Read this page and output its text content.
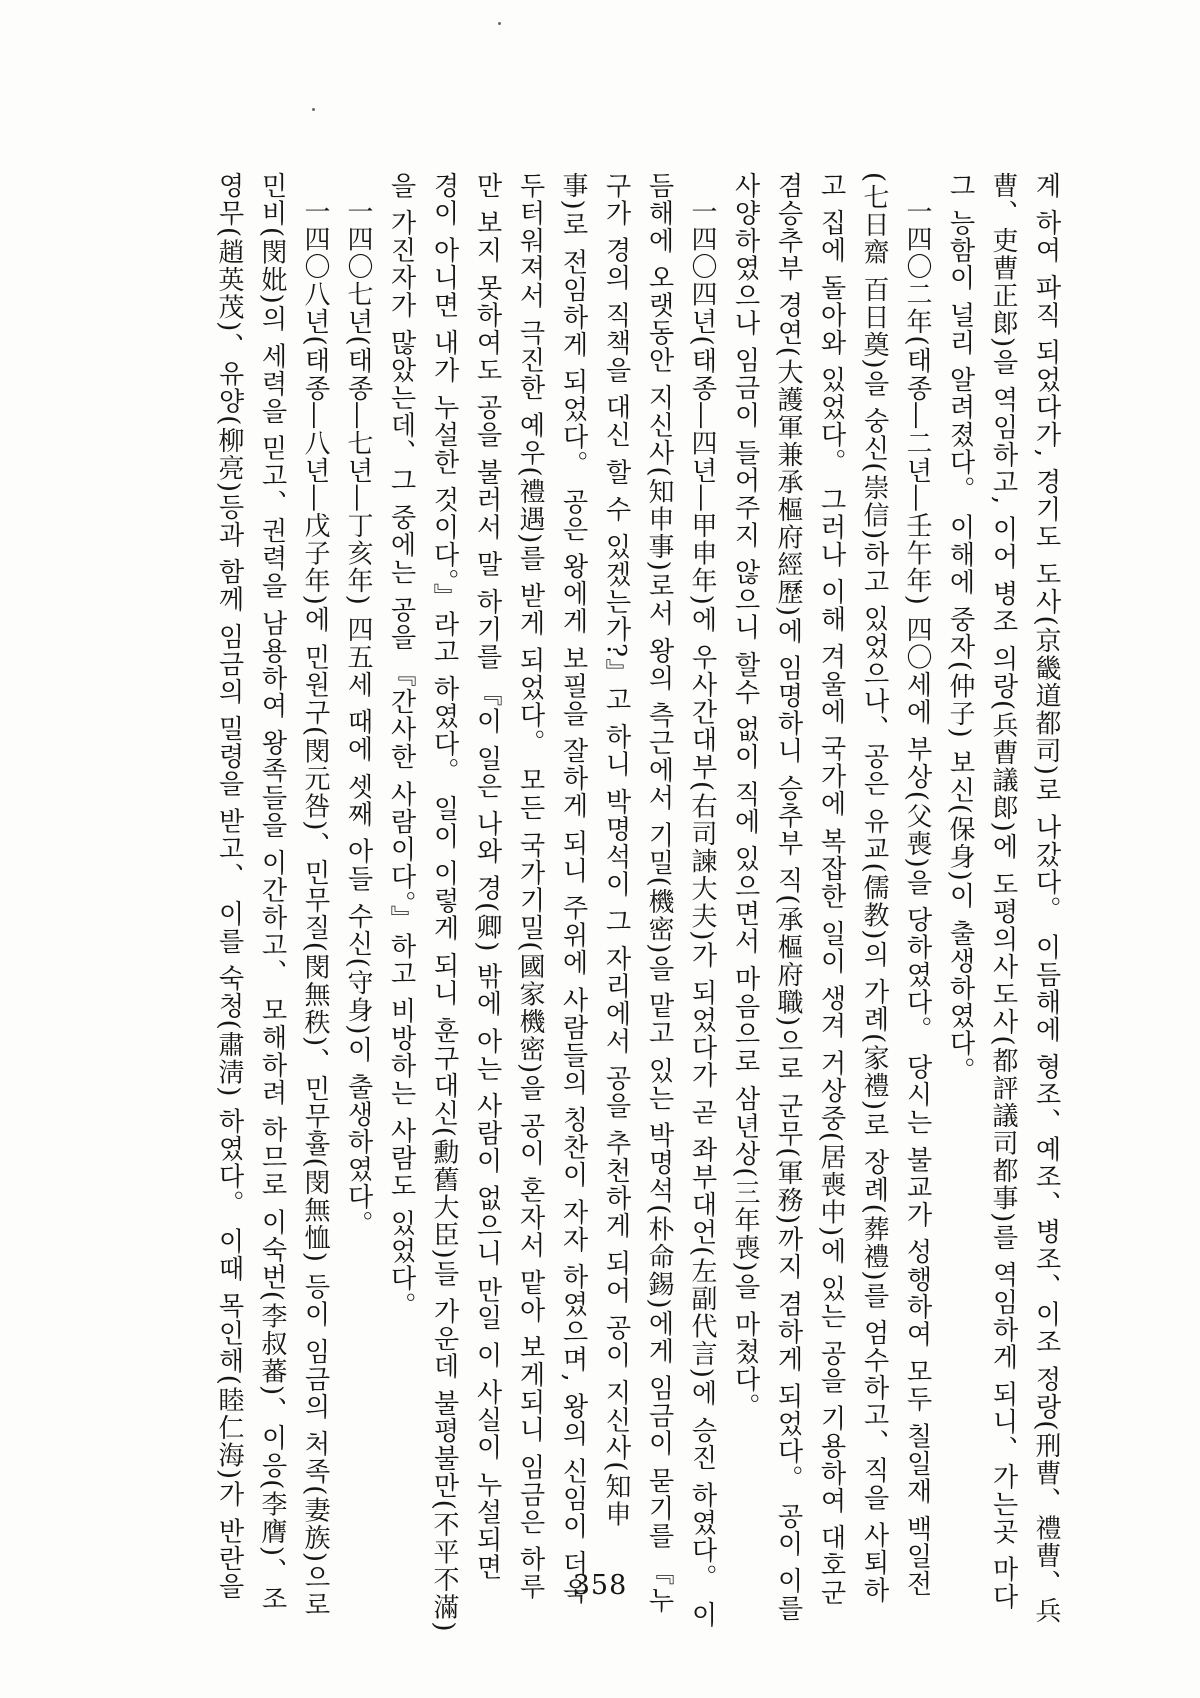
계 하여 파직 되었다가, 경기도 도사(京畿道都司)로 나갔다。 이듬해에 형조、예조、병조、이조 정랑(刑曹、禮曹、兵
曹、吏曹正郞)을 역임하고, 이어 병조 의랑(兵曹議郞)에 도평의사도사(都評議司都事)를 역임하게 되니、가는곳 마다
그 능함이 널리 알려졌다。 이해에 중자(仲子) 보신(保身)이 출생하였다。
一四〇二年(태종―二년―壬午年) 四〇세에 부상(父喪)을 당하였다。 당시는 불교가 성행하여 모두 칠일재 백일전
(七日齋 百日奠)을 숭신(崇信)하고 있었으나、공은 유교(儒教)의 가례(家禮)로 장례(葬禮)를 엄수하고、직을 사퇴하
고 집에 돌아와 있었다。 그러나 이해 겨울에 국가에 복잡한 일이 생겨 거상중(居喪中)에 있는 공을 기용하여 대호군
겸승추부 경연(大護軍兼承樞府經歷)에 임명하니 승추부 직(承樞府職)으로 군무(軍務)까지 겸하게 되었다。 공이 이를
사양하였으나 임금이 들어주지 않으니 할수 없이 직에 있으면서 마음으로 삼년상(三年喪)을 마쳤다。
一四〇四년(태종―四년―甲申年)에 우사간대부(右司諫大夫)가 되었다가 곧 좌부대언(左副代言)에 승진 하였다。 이
듬해에 오랫동안 지신사(知申事)로서 왕의 측근에서 기밀(機密)을 맡고 있는 박명석(朴命錫)에게 임금이 묻기를 『누
구가 경의 직책을 대신 할 수 있겠는가?』고 하니 박명석이 그 자리에서 공을 추천하게 되어 공이 지신사(知申
事)로 전임하게 되었다。 공은 왕에게 보필을 잘하게 되니 주위에 사람들의 칭찬이 자자 하였으며, 왕의 신임이 더욱
두터워져서 극진한 예우(禮遇)를 받게 되었다。 모든 국가기밀(國家機密)을 공이 혼자서 맡아 보게되니 임금은 하루
만 보지 못하여도 공을 불러서 말 하기를 『이 일은 나와 경(卿) 밖에 아는 사람이 없으니 만일 이 사실이 누설되면
경이 아니면 내가 누설한 것이다。』라고 하였다。 일이 이렇게 되니 훈구대신(勳舊大臣)들 가운데 불평불만(不平不滿)
을 가진자가 많았는데、그 중에는 공을 『간사한 사람이다。』하고 비방하는 사람도 있었다。
一四〇七년(태종―七년―丁亥年) 四五세 때에 셋째 아들 수신(守身)이 출생하였다。
一四〇八년(태종―八년―戊子年)에 민원구(閔元咎)、민무질(閔無秩)、민무휼(閔無恤) 등이 임금의 처족(妻族)으로
민비(閔妣)의 세력을 믿고、권력을 남용하여 왕족들을 이간하고、 모해하려 하므로 이숙번(李叔蕃)、이응(李膺)、조
영무(趙英茂)、유양(柳亮)등과 함께 임금의 밀령을 받고、 이를 숙청(肅淸) 하였다。 이때 목인해(睦仁海)가 반란을	358
